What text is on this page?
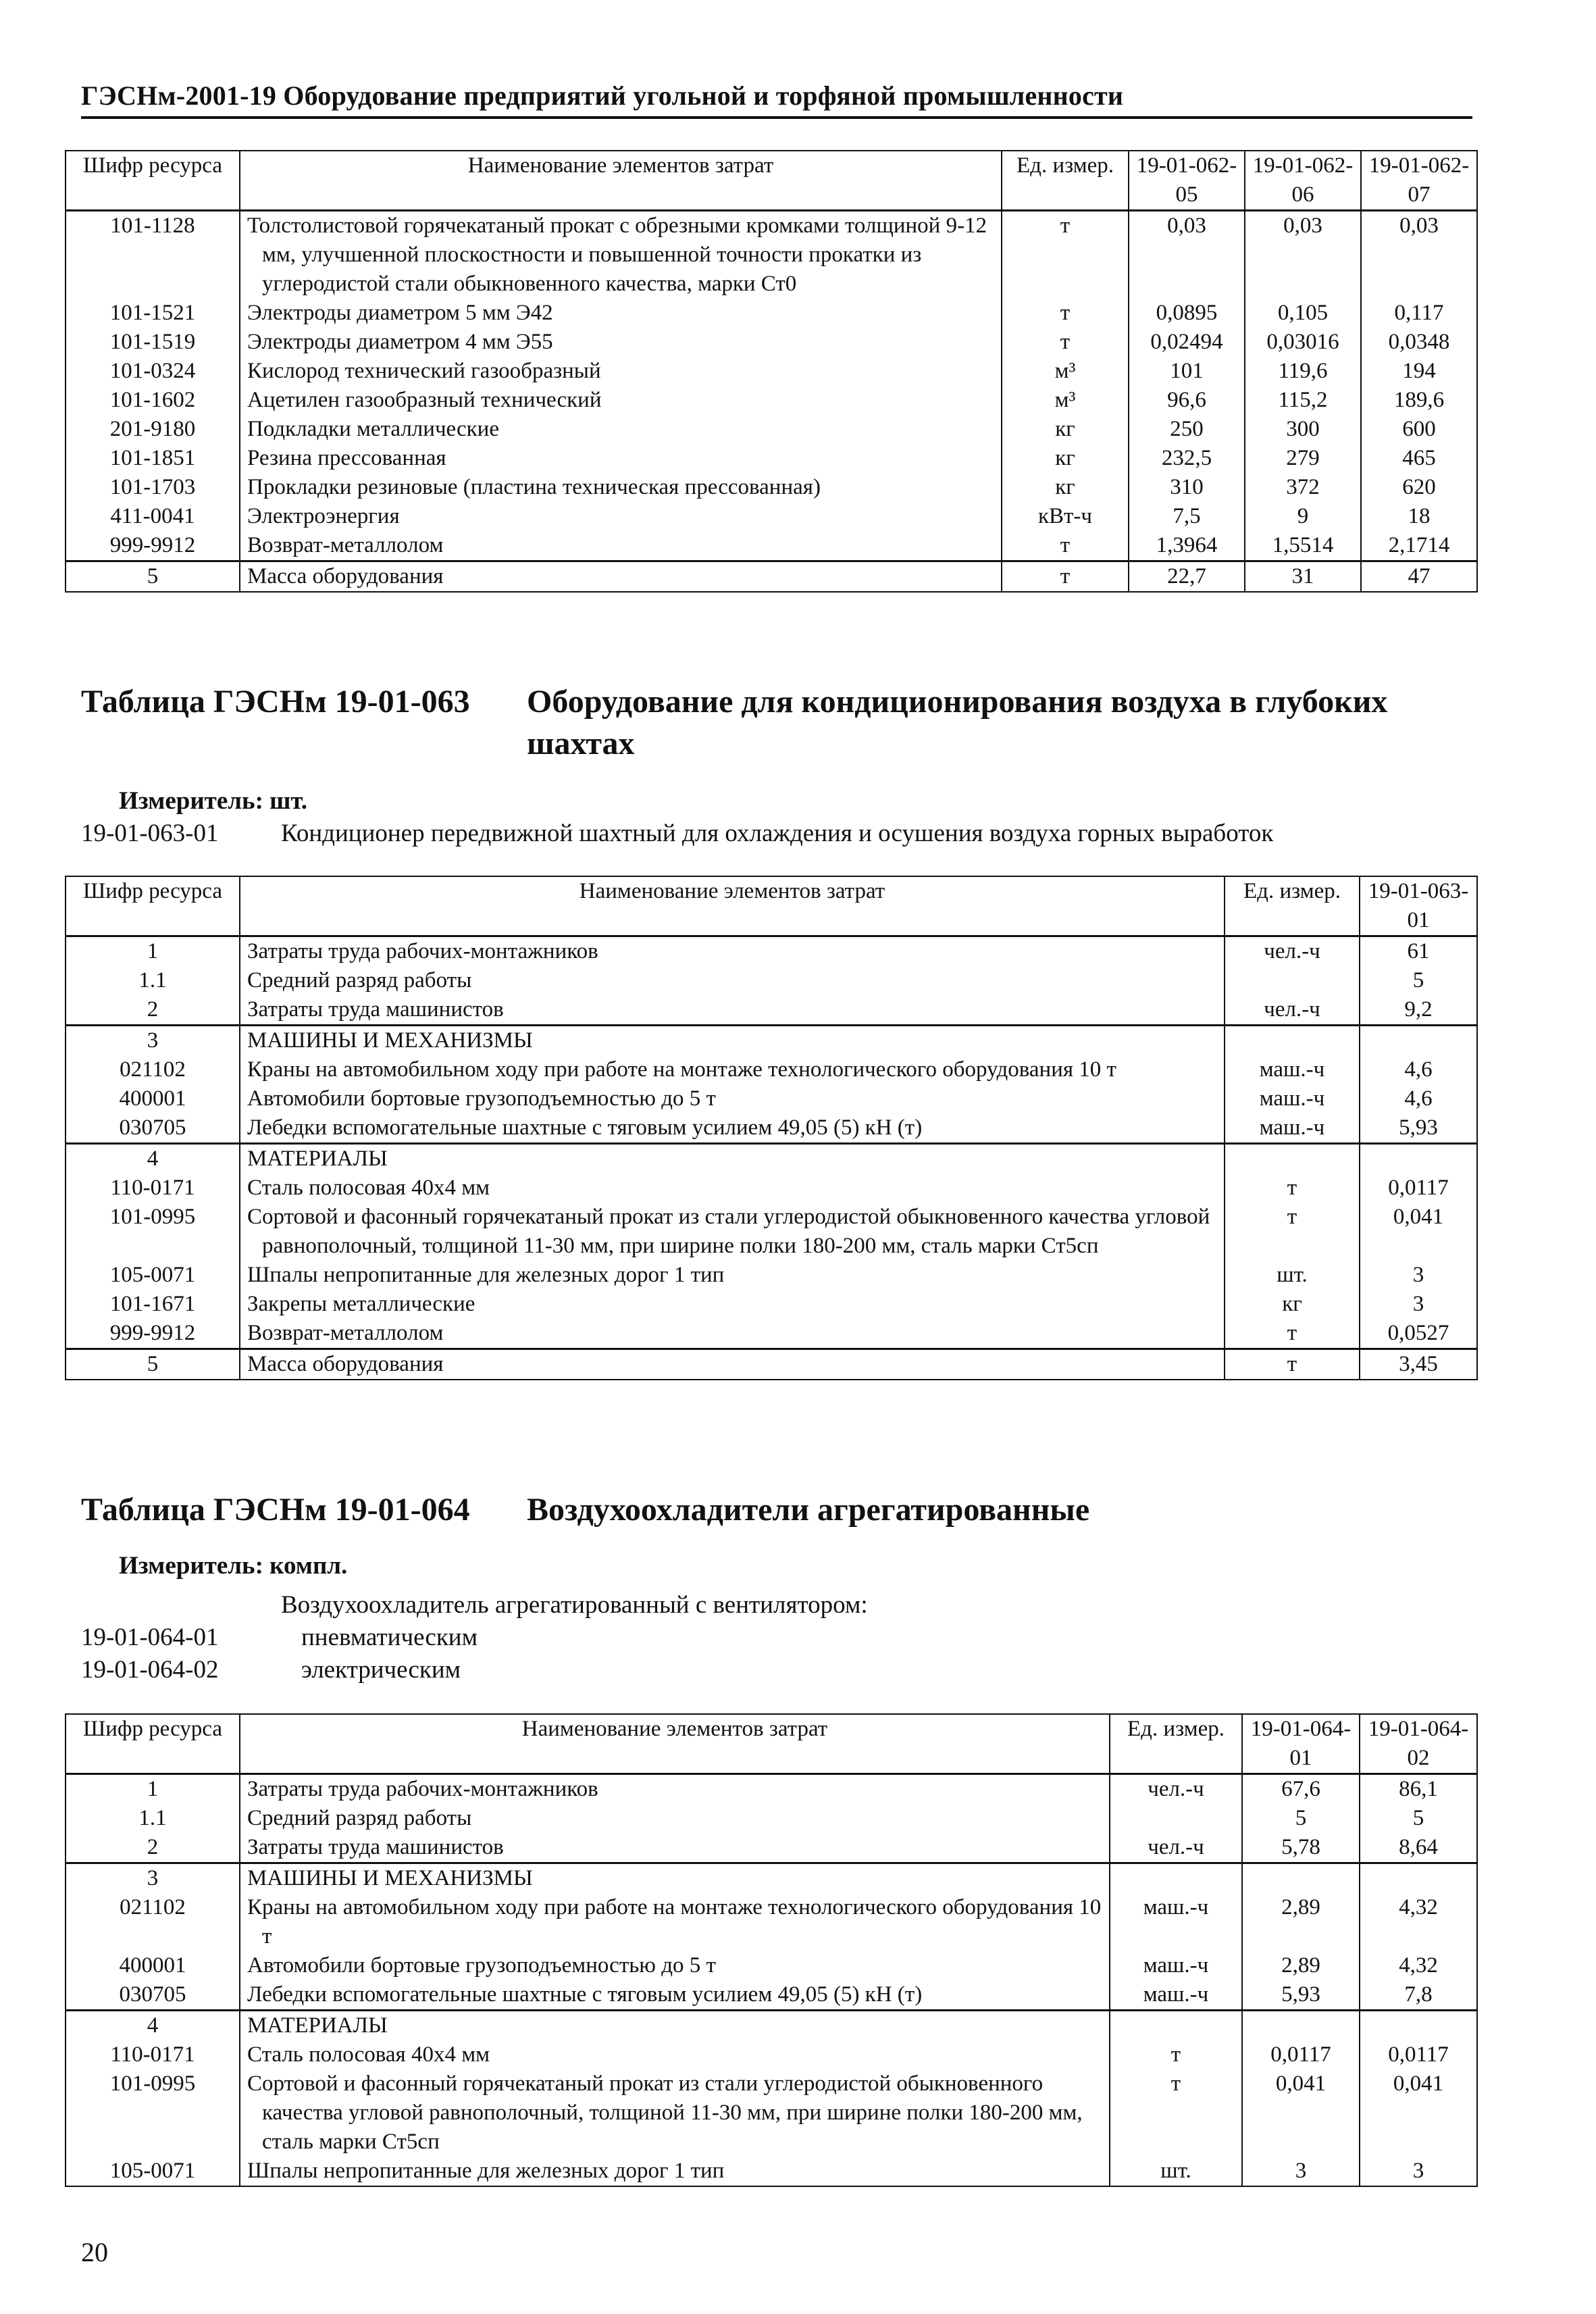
ГЭСНм-2001-19 Оборудование предприятий угольной и торфяной промышленности
Шифр ресурса	Наименование элементов затрат	Ед. измер.	19-01-062-05	19-01-062-06	19-01-062-07
101-1128	Толстолистовой горячекатаный прокат с обрезными кромками толщиной 9-12 мм, улучшенной плоскостности и повышенной точности прокатки из углеродистой стали обыкновенного качества, марки Ст0	т	0,03	0,03	0,03
101-1521	Электроды диаметром 5 мм Э42	т	0,0895	0,105	0,117
101-1519	Электроды диаметром 4 мм Э55	т	0,02494	0,03016	0,0348
101-0324	Кислород технический газообразный	м³	101	119,6	194
101-1602	Ацетилен газообразный технический	м³	96,6	115,2	189,6
201-9180	Подкладки металлические	кг	250	300	600
101-1851	Резина прессованная	кг	232,5	279	465
101-1703	Прокладки резиновые (пластина техническая прессованная)	кг	310	372	620
411-0041	Электроэнергия	кВт-ч	7,5	9	18
999-9912	Возврат-металлолом	т	1,3964	1,5514	2,1714
5	Масса оборудования	т	22,7	31	47
Таблица ГЭСНм 19-01-063 Оборудование для кондиционирования воздуха в глубоких шахтах
Измеритель: шт.
19-01-063-01	Кондиционер передвижной шахтный для охлаждения и осушения воздуха горных выработок
Шифр ресурса	Наименование элементов затрат	Ед. измер.	19-01-063-01
1	Затраты труда рабочих-монтажников	чел.-ч	61
1.1	Средний разряд работы		5
2	Затраты труда машинистов	чел.-ч	9,2
3	МАШИНЫ И МЕХАНИЗМЫ		
021102	Краны на автомобильном ходу при работе на монтаже технологического оборудования 10 т	маш.-ч	4,6
400001	Автомобили бортовые грузоподъемностью до 5 т	маш.-ч	4,6
030705	Лебедки вспомогательные шахтные с тяговым усилием 49,05 (5) кН (т)	маш.-ч	5,93
4	МАТЕРИАЛЫ		
110-0171	Сталь полосовая 40х4 мм	т	0,0117
101-0995	Сортовой и фасонный горячекатаный прокат из стали углеродистой обыкновенного качества угловой равнополочный, толщиной 11-30 мм, при ширине полки 180-200 мм, сталь марки Ст5сп	т	0,041
105-0071	Шпалы непропитанные для железных дорог 1 тип	шт.	3
101-1671	Закрепы металлические	кг	3
999-9912	Возврат-металлолом	т	0,0527
5	Масса оборудования	т	3,45
Таблица ГЭСНм 19-01-064 Воздухоохладители агрегатированные
Измеритель: компл.
Воздухоохладитель агрегатированный с вентилятором:
19-01-064-01	пневматическим
19-01-064-02	электрическим
Шифр ресурса	Наименование элементов затрат	Ед. измер.	19-01-064-01	19-01-064-02
1	Затраты труда рабочих-монтажников	чел.-ч	67,6	86,1
1.1	Средний разряд работы		5	5
2	Затраты труда машинистов	чел.-ч	5,78	8,64
3	МАШИНЫ И МЕХАНИЗМЫ			
021102	Краны на автомобильном ходу при работе на монтаже технологического оборудования 10 т	маш.-ч	2,89	4,32
400001	Автомобили бортовые грузоподъемностью до 5 т	маш.-ч	2,89	4,32
030705	Лебедки вспомогательные шахтные с тяговым усилием 49,05 (5) кН (т)	маш.-ч	5,93	7,8
4	МАТЕРИАЛЫ			
110-0171	Сталь полосовая 40х4 мм	т	0,0117	0,0117
101-0995	Сортовой и фасонный горячекатаный прокат из стали углеродистой обыкновенного качества угловой равнополочный, толщиной 11-30 мм, при ширине полки 180-200 мм, сталь марки Ст5сп	т	0,041	0,041
105-0071	Шпалы непропитанные для железных дорог 1 тип	шт.	3	3
20
